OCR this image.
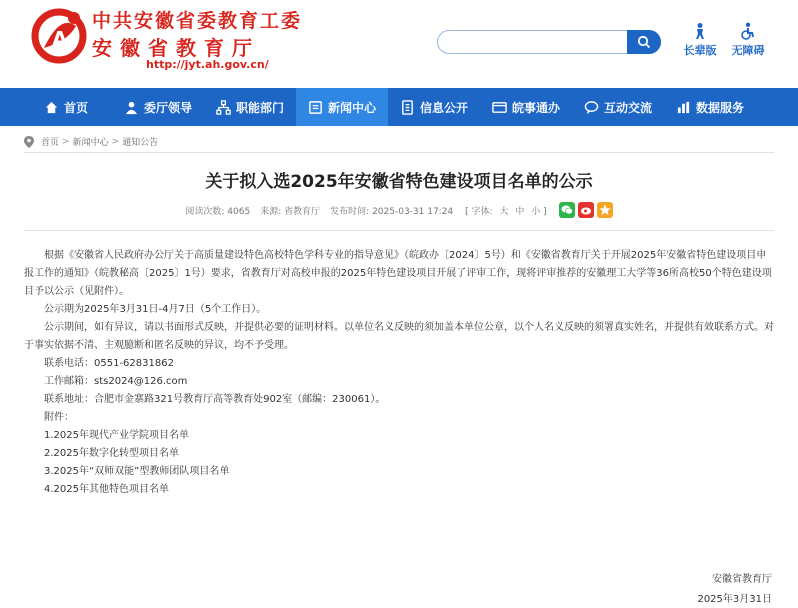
A
中共安徽省委教育工委
安徽省教育厅
http://jyt.ah.gov.cn/
长辈版	无障碍
首页	委厅领导	职能部门	新闻中心	信息公开	皖事通办	互动交流	数据服务
首页 > 新闻中心 > 通知公告
关于拟入选2025年安徽省特色建设项目名单的公示
阅读次数: 4065 来源: 省教育厅 发布时间: 2025-03-31 17:24 [ 字体: 大 中 小 ]

根据《安徽省人民政府办公厅关于高质量建设特色高校特色学科专业的指导意见》（皖政办〔2024〕5号）和《安徽省教育厅关于开展2025年安徽省特色建设项目申报工作的通知》（皖教秘高〔2025〕1号）要求，省教育厅对高校申报的2025年特色建设项目开展了评审工作，现将评审推荐的安徽理工大学等36所高校50个特色建设项目予以公示（见附件）。

公示期为2025年3月31日-4月7日（5个工作日）。

公示期间，如有异议，请以书面形式反映，并提供必要的证明材料。以单位名义反映的须加盖本单位公章，以个人名义反映的须署真实姓名，并提供有效联系方式。对于事实依据不清、主观臆断和匿名反映的异议，均不予受理。

联系电话：0551-62831862
工作邮箱：sts2024@126.com
联系地址：合肥市金寨路321号教育厅高等教育处902室（邮编：230061）。
附件：
1.2025年现代产业学院项目名单
2.2025年数字化转型项目名单
3.2025年“双师双能”型教师团队项目名单
4.2025年其他特色项目名单
安徽省教育厅
2025年3月31日
